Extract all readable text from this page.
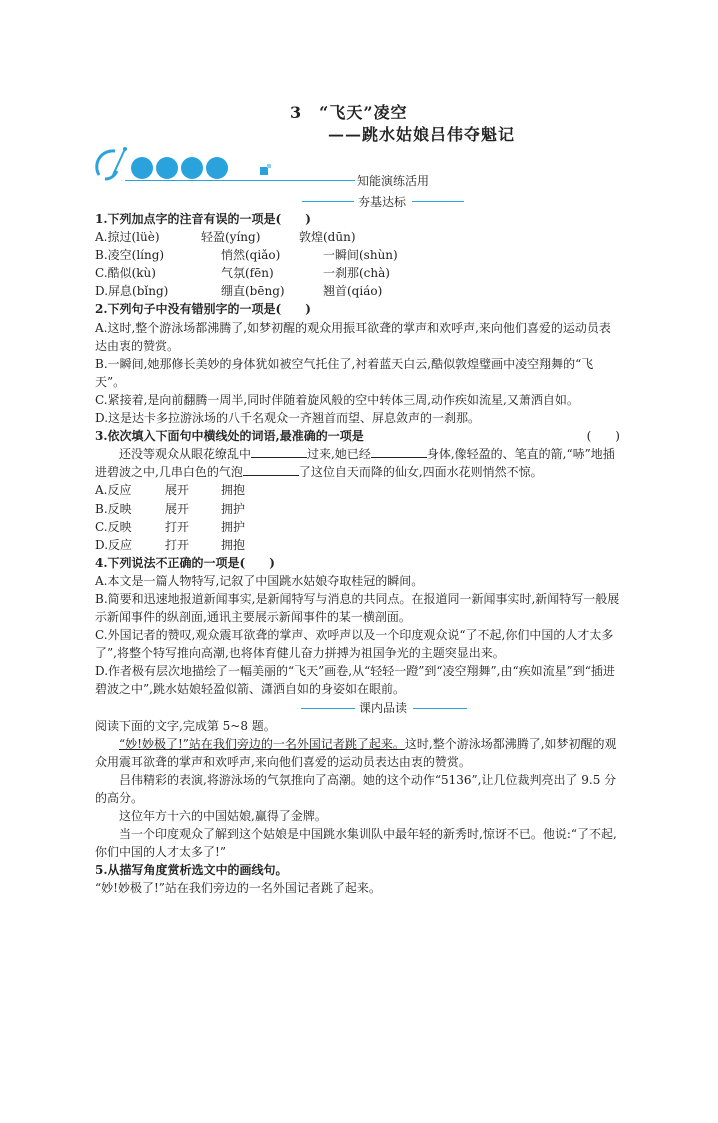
3　“飞天”凌空
——跳水姑娘吕伟夺魁记
知能演练活用
夯基达标

1.下列加点字的注音有误的一项是(　　)

A.掠过(lüè)	轻盈(yíng)	敦煌(dūn)

B.凌空(líng)	悄然(qiǎo)	一瞬间(shùn)

C.酷似(kù)	气氛(fēn)	一刹那(chà)

D.屏息(bǐng)	绷直(bēng)	翘首(qiáo)

2.下列句子中没有错别字的一项是(　　)

A.这时,整个游泳场都沸腾了,如梦初醒的观众用振耳欲聋的掌声和欢呼声,来向他们喜爱的运动员表达由衷的赞赏。

B.一瞬间,她那修长美妙的身体犹如被空气托住了,衬着蓝天白云,酷似敦煌璧画中凌空翔舞的“飞天”。

C.紧接着,是向前翻腾一周半,同时伴随着旋风般的空中转体三周,动作疾如流星,又萧洒自如。

D.这是达卡多拉游泳场的八千名观众一齐翘首而望、屏息敛声的一刹那。

3.依次填入下面句中横线处的词语,最准确的一项是	(　　)

还没等观众从眼花缭乱中	过来,她已经	身体,像轻盈的、笔直的箭,“哧”地插进碧波之中,几串白色的气泡	了这位自天而降的仙女,四面水花则悄然不惊。

A.反应	展开	拥抱

B.反映	展开	拥护

C.反映	打开	拥护

D.反应	打开	拥抱

4.下列说法不正确的一项是(　　)

A.本文是一篇人物特写,记叙了中国跳水姑娘夺取桂冠的瞬间。

B.简要和迅速地报道新闻事实,是新闻特写与消息的共同点。在报道同一新闻事实时,新闻特写一般展示新闻事件的纵剖面,通讯主要展示新闻事件的某一横剖面。

C.外国记者的赞叹,观众震耳欲聋的掌声、欢呼声以及一个印度观众说“了不起,你们中国的人才太多了”,将整个特写推向高潮,也将体育健儿奋力拼搏为祖国争光的主题突显出来。

D.作者极有层次地描绘了一幅美丽的“飞天”画卷,从“轻轻一蹬”到“凌空翔舞”,由“疾如流星”到“插进碧波之中”,跳水姑娘轻盈似箭、潇洒自如的身姿如在眼前。

课内品读

阅读下面的文字,完成第 5~8 题。

“妙!妙极了!”站在我们旁边的一名外国记者跳了起来。这时,整个游泳场都沸腾了,如梦初醒的观众用震耳欲聋的掌声和欢呼声,来向他们喜爱的运动员表达由衷的赞赏。

吕伟精彩的表演,将游泳场的气氛推向了高潮。她的这个动作“5136”,让几位裁判亮出了 9.5 分的高分。

这位年方十六的中国姑娘,赢得了金牌。

当一个印度观众了解到这个姑娘是中国跳水集训队中最年轻的新秀时,惊讶不已。他说:“了不起,你们中国的人才太多了!”

5.从描写角度赏析选文中的画线句。

“妙!妙极了!”站在我们旁边的一名外国记者跳了起来。
